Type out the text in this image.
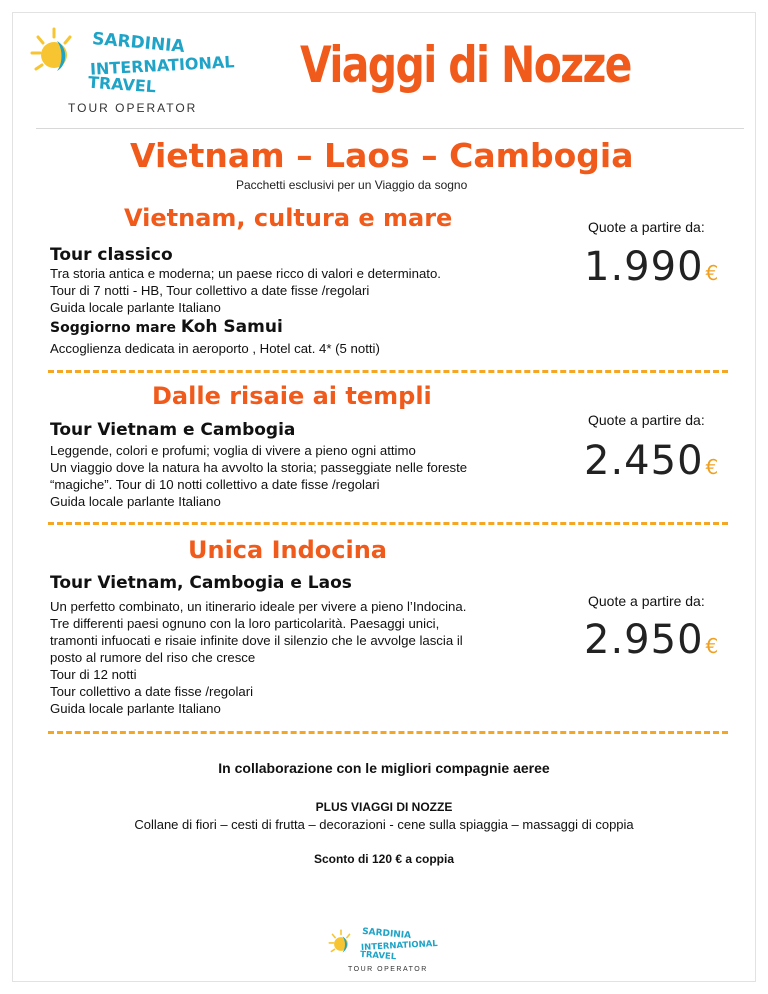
SARDINIA
INTERNATIONAL
TRAVEL
TOUR OPERATOR
Viaggi di Nozze
Vietnam – Laos – Cambogia
Pacchetti esclusivi per un Viaggio da sogno
Vietnam, cultura e mare
Tour classico
Tra storia antica e moderna; un paese ricco di valori e determinato.
Tour di 7 notti - HB, Tour collettivo a date fisse /regolari
Guida locale parlante Italiano
Soggiorno mare Koh Samui
Accoglienza dedicata in aeroporto , Hotel cat. 4* (5 notti)
Quote a partire da:
1.990 €
Dalle risaie ai templi
Tour Vietnam e Cambogia
Leggende, colori e profumi; voglia di vivere a pieno ogni attimo
Un viaggio dove la natura ha avvolto la storia; passeggiate nelle foreste
“magiche”. Tour di 10 notti collettivo a date fisse /regolari
Guida locale parlante Italiano
Quote a partire da:
2.450 €
Unica Indocina
Tour Vietnam, Cambogia e Laos
Un perfetto combinato, un itinerario ideale per vivere a pieno l’Indocina.
Tre differenti paesi ognuno con la loro particolarità. Paesaggi unici,
tramonti infuocati e risaie infinite dove il silenzio che le avvolge lascia il
posto al rumore del riso che cresce
Tour di 12 notti
Tour collettivo a date fisse /regolari
Guida locale parlante Italiano
Quote a partire da:
2.950 €
In collaborazione con le migliori compagnie aeree
PLUS VIAGGI DI NOZZE
Collane di fiori – cesti di frutta – decorazioni - cene sulla spiaggia – massaggi di coppia
Sconto di 120 € a coppia
SARDINIA
INTERNATIONAL
TRAVEL
TOUR OPERATOR
